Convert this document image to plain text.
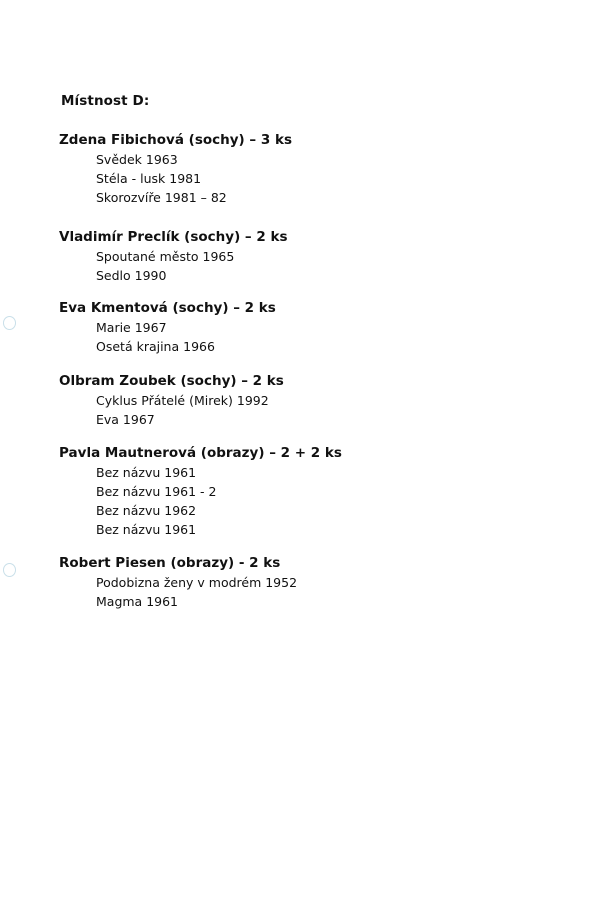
Místnost D:
Zdena Fibichová (sochy) – 3 ks
Svědek 1963
Stéla - lusk 1981
Skorozvíře 1981 – 82
Vladimír Preclík (sochy) – 2 ks
Spoutané město 1965
Sedlo 1990
Eva Kmentová (sochy) – 2 ks
Marie 1967
Osetá krajina 1966
Olbram Zoubek (sochy) – 2 ks
Cyklus Přátelé (Mirek) 1992
Eva 1967
Pavla Mautnerová (obrazy) – 2 + 2 ks
Bez názvu 1961
Bez názvu 1961 - 2
Bez názvu 1962
Bez názvu 1961
Robert Piesen (obrazy) - 2 ks
Podobizna ženy v modrém 1952
Magma 1961
